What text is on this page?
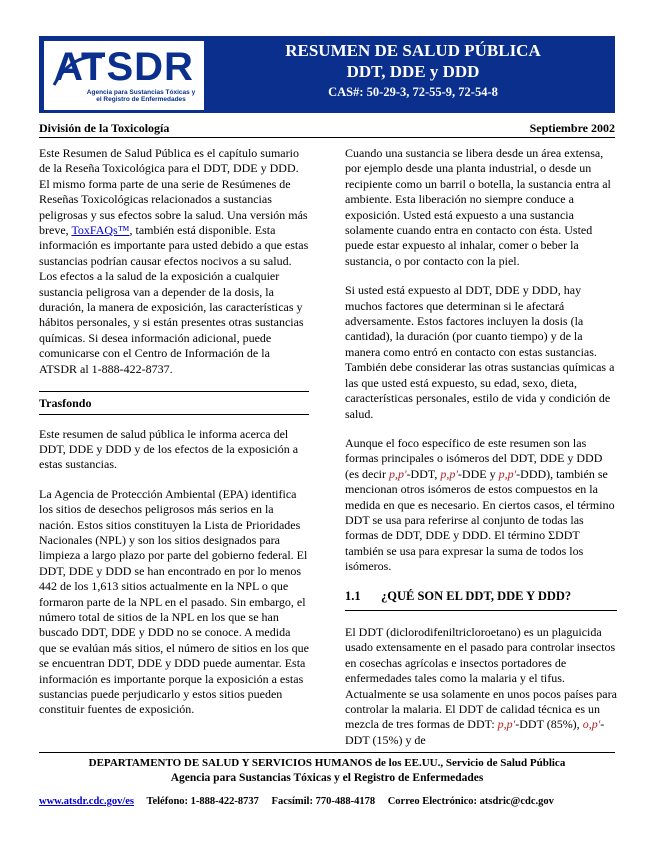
ATSDR
Agencia para Sustancias Tóxicas y
el Registro de Enfermedades
RESUMEN DE SALUD PÚBLICA
DDT, DDE y DDD
CAS#: 50-29-3, 72-55-9, 72-54-8
División de la Toxicología	Septiembre 2002

Este Resumen de Salud Pública es el capítulo sumario de la Reseña Toxicológica para el DDT, DDE y DDD. El mismo forma parte de una serie de Resúmenes de Reseñas Toxicológicas relacionados a sustancias peligrosas y sus efectos sobre la salud. Una versión más breve, ToxFAQs™, también está disponible. Esta información es importante para usted debido a que estas sustancias podrían causar efectos nocivos a su salud. Los efectos a la salud de la exposición a cualquier sustancia peligrosa van a depender de la dosis, la duración, la manera de exposición, las características y hábitos personales, y si están presentes otras sustancias químicas. Si desea información adicional, puede comunicarse con el Centro de Información de la ATSDR al 1-888-422-8737.

Trasfondo

Este resumen de salud pública le informa acerca del DDT, DDE y DDD y de los efectos de la exposición a estas sustancias.

La Agencia de Protección Ambiental (EPA) identifica los sitios de desechos peligrosos más serios en la nación. Estos sitios constituyen la Lista de Prioridades Nacionales (NPL) y son los sitios designados para limpieza a largo plazo por parte del gobierno federal. El DDT, DDE y DDD se han encontrado en por lo menos 442 de los 1,613 sitios actualmente en la NPL o que formaron parte de la NPL en el pasado. Sin embargo, el número total de sitios de la NPL en los que se han buscado DDT, DDE y DDD no se conoce. A medida que se evalúan más sitios, el número de sitios en los que se encuentran DDT, DDE y DDD puede aumentar. Esta información es importante porque la exposición a estas sustancias puede perjudicarlo y estos sitios pueden constituir fuentes de exposición.

Cuando una sustancia se libera desde un área extensa, por ejemplo desde una planta industrial, o desde un recipiente como un barril o botella, la sustancia entra al ambiente. Esta liberación no siempre conduce a exposición. Usted está expuesto a una sustancia solamente cuando entra en contacto con ésta. Usted puede estar expuesto al inhalar, comer o beber la sustancia, o por contacto con la piel.

Si usted está expuesto al DDT, DDE y DDD, hay muchos factores que determinan si le afectará adversamente. Estos factores incluyen la dosis (la cantidad), la duración (por cuanto tiempo) y de la manera como entró en contacto con estas sustancias. También debe considerar las otras sustancias químicas a las que usted está expuesto, su edad, sexo, dieta, características personales, estilo de vida y condición de salud.

Aunque el foco específico de este resumen son las formas principales o isómeros del DDT, DDE y DDD (es decir p,p'-DDT, p,p'-DDE y p,p'-DDD), también se mencionan otros isómeros de estos compuestos en la medida en que es necesario. En ciertos casos, el término DDT se usa para referirse al conjunto de todas las formas de DDT, DDE y DDD. El término ΣDDT también se usa para expresar la suma de todos los isómeros.

1.1 ¿QUÉ SON EL DDT, DDE Y DDD?

El DDT (diclorodifeniltricloroetano) es un plaguicida usado extensamente en el pasado para controlar insectos en cosechas agrícolas e insectos portadores de enfermedades tales como la malaria y el tifus. Actualmente se usa solamente en unos pocos países para controlar la malaria. El DDT de calidad técnica es un mezcla de tres formas de DDT: p,p'-DDT (85%), o,p'-DDT (15%) y de

DEPARTAMENTO DE SALUD Y SERVICIOS HUMANOS de los EE.UU., Servicio de Salud Pública
Agencia para Sustancias Tóxicas y el Registro de Enfermedades
www.atsdr.cdc.gov/es Teléfono: 1-888-422-8737 Facsímil: 770-488-4178 Correo Electrónico: atsdric@cdc.gov
